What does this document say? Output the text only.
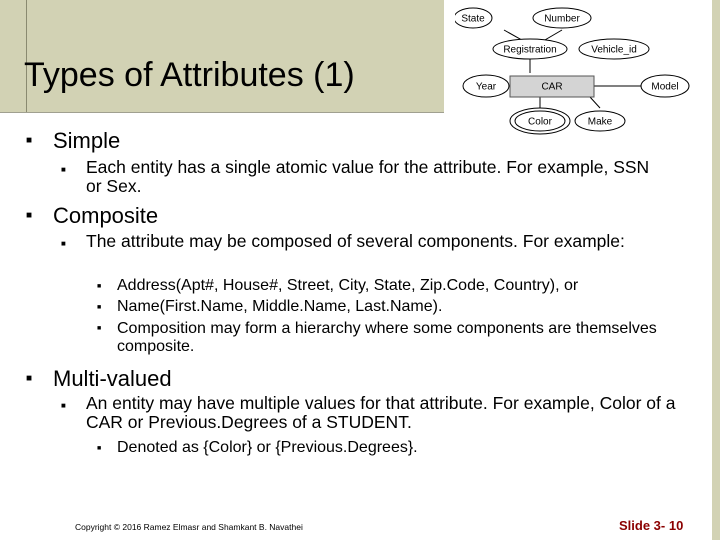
Types of Attributes (1)
State	Number
Registration	Vehicle_id
Year	Model
Color	Make
CAR
■ Simple
■ Each entity has a single atomic value for the attribute. For example, SSN or Sex.
■ Composite
■ The attribute may be composed of several components. For example:
■ Address(Apt#, House#, Street, City, State, Zip.Code, Country), or
■ Name(First.Name, Middle.Name, Last.Name).
■ Composition may form a hierarchy where some components are themselves composite.
■ Multi-valued
■ An entity may have multiple values for that attribute. For example, Color of a CAR or Previous.Degrees of a STUDENT.
■ Denoted as {Color} or {Previous.Degrees}.
Copyright © 2016 Ramez Elmasr and Shamkant B. Navathei	Slide 3- 10
